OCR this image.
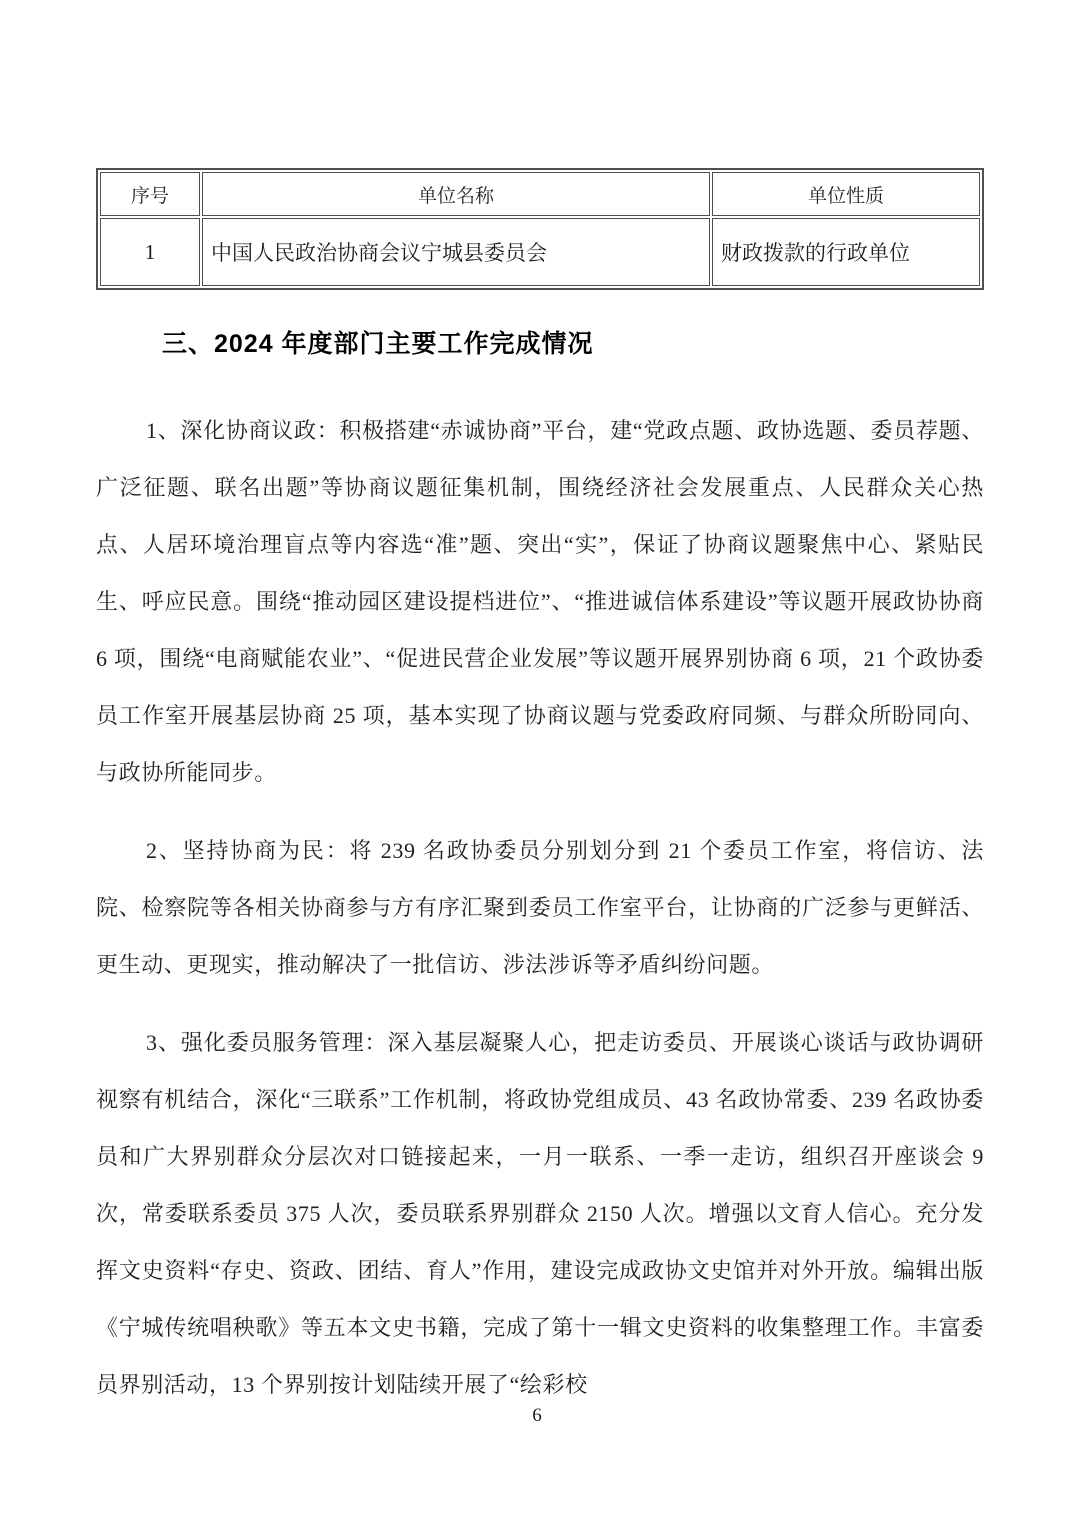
序号	单位名称	单位性质
1	中国人民政治协商会议宁城县委员会	财政拨款的行政单位
三、2024 年度部门主要工作完成情况

1、深化协商议政：积极搭建“赤诚协商”平台，建“党政点题、政协选题、委员荐题、广泛征题、联名出题”等协商议题征集机制，围绕经济社会发展重点、人民群众关心热点、人居环境治理盲点等内容选“准”题、突出“实”，保证了协商议题聚焦中心、紧贴民生、呼应民意。围绕“推动园区建设提档进位”、“推进诚信体系建设”等议题开展政协协商 6 项，围绕“电商赋能农业”、“促进民营企业发展”等议题开展界别协商 6 项，21 个政协委员工作室开展基层协商 25 项，基本实现了协商议题与党委政府同频、与群众所盼同向、与政协所能同步。

2、坚持协商为民：将 239 名政协委员分别划分到 21 个委员工作室，将信访、法院、检察院等各相关协商参与方有序汇聚到委员工作室平台，让协商的广泛参与更鲜活、更生动、更现实，推动解决了一批信访、涉法涉诉等矛盾纠纷问题。

3、强化委员服务管理：深入基层凝聚人心，把走访委员、开展谈心谈话与政协调研视察有机结合，深化“三联系”工作机制，将政协党组成员、43 名政协常委、239 名政协委员和广大界别群众分层次对口链接起来，一月一联系、一季一走访，组织召开座谈会 9 次，常委联系委员 375 人次，委员联系界别群众 2150 人次。增强以文育人信心。充分发挥文史资料“存史、资政、团结、育人”作用，建设完成政协文史馆并对外开放。编辑出版《宁城传统唱秧歌》等五本文史书籍，完成了第十一辑文史资料的收集整理工作。丰富委员界别活动，13 个界别按计划陆续开展了“绘彩校

6
